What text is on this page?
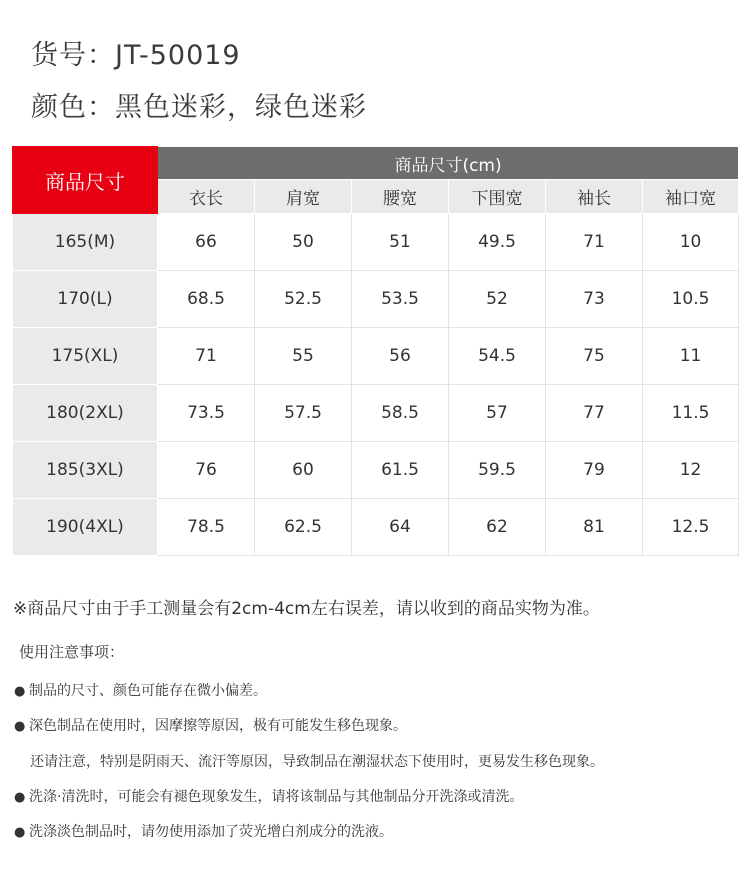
货号：JT-50019
颜色：黑色迷彩，绿色迷彩
商品尺寸	商品尺寸(cm)					
	衣长	肩宽	腰宽	下围宽	袖长	袖口宽
165(M)	66	50	51	49.5	71	10
170(L)	68.5	52.5	53.5	52	73	10.5
175(XL)	71	55	56	54.5	75	11
180(2XL)	73.5	57.5	58.5	57	77	11.5
185(3XL)	76	60	61.5	59.5	79	12
190(4XL)	78.5	62.5	64	62	81	12.5
※商品尺寸由于手工测量会有2cm-4cm左右误差，请以收到的商品实物为准。
使用注意事项：
● 制品的尺寸、颜色可能存在微小偏差。
● 深色制品在使用时，因摩擦等原因，极有可能发生移色现象。
还请注意，特别是阴雨天、流汗等原因，导致制品在潮湿状态下使用时，更易发生移色现象。
● 洗涤·清洗时，可能会有褪色现象发生，请将该制品与其他制品分开洗涤或清洗。
● 洗涤淡色制品时，请勿使用添加了荧光增白剂成分的洗液。
